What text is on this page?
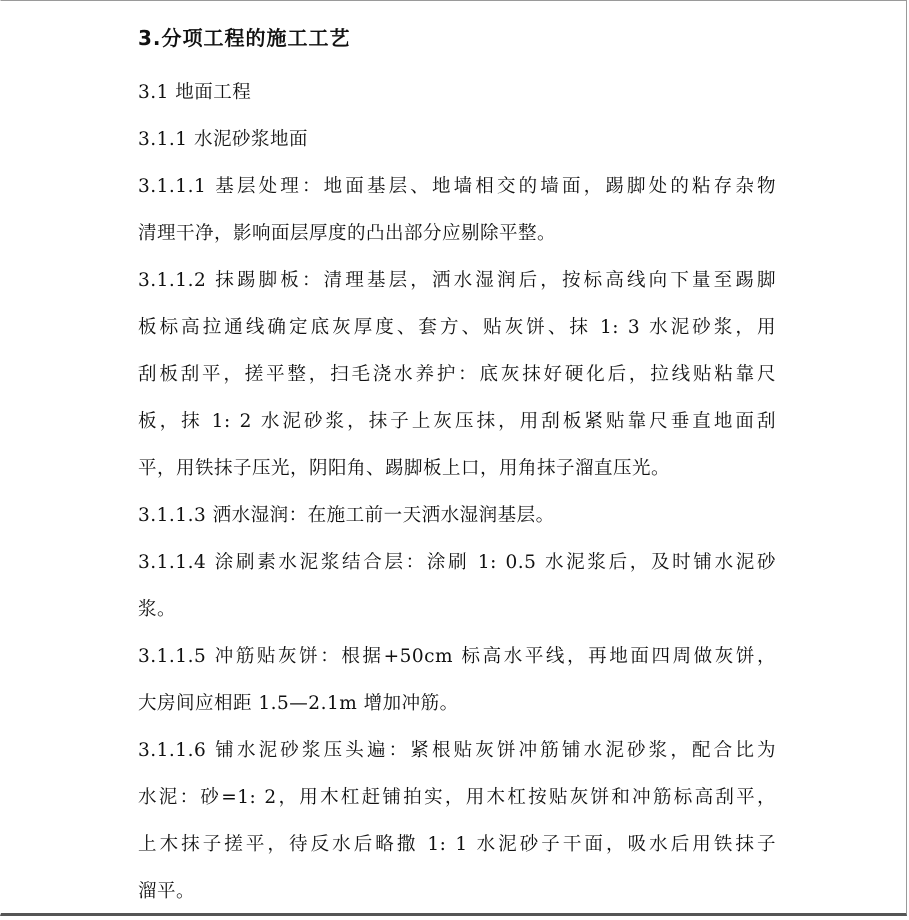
3.分项工程的施工工艺
3.1 地面工程
3.1.1 水泥砂浆地面
3.1.1.1 基层处理：地面基层、地墙相交的墙面，踢脚处的粘存杂物
清理干净，影响面层厚度的凸出部分应剔除平整。
3.1.1.2 抹踢脚板：清理基层，洒水湿润后，按标高线向下量至踢脚
板标高拉通线确定底灰厚度、套方、贴灰饼、抹 1: 3 水泥砂浆，用
刮板刮平，搓平整，扫毛浇水养护：底灰抹好硬化后，拉线贴粘靠尺
板，抹 1: 2 水泥砂浆，抹子上灰压抹，用刮板紧贴靠尺垂直地面刮
平，用铁抹子压光，阴阳角、踢脚板上口，用角抹子溜直压光。
3.1.1.3 洒水湿润：在施工前一天洒水湿润基层。
3.1.1.4 涂刷素水泥浆结合层：涂刷 1: 0.5 水泥浆后，及时铺水泥砂
浆。
3.1.1.5 冲筋贴灰饼：根据+50cm 标高水平线，再地面四周做灰饼，
大房间应相距 1.5—2.1m 增加冲筋。
3.1.1.6 铺水泥砂浆压头遍：紧根贴灰饼冲筋铺水泥砂浆，配合比为
水泥：砂=1: 2，用木杠赶铺拍实，用木杠按贴灰饼和冲筋标高刮平，
上木抹子搓平，待反水后略撒 1: 1 水泥砂子干面，吸水后用铁抹子
溜平。
